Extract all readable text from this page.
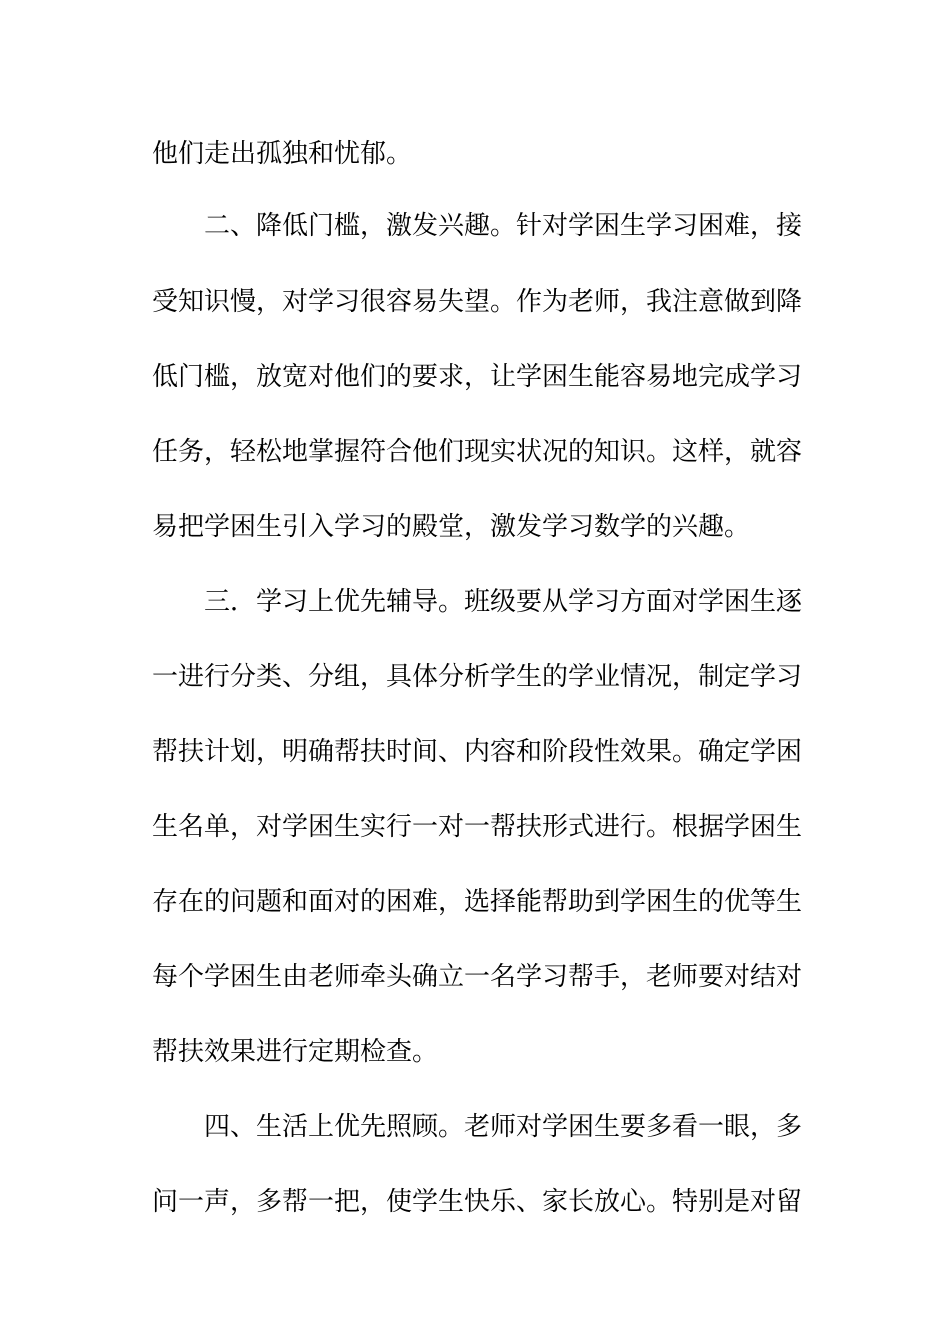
他们走出孤独和忧郁。
二、降低门槛，激发兴趣。针对学困生学习困难，接
受知识慢，对学习很容易失望。作为老师，我注意做到降
低门槛，放宽对他们的要求，让学困生能容易地完成学习
任务，轻松地掌握符合他们现实状况的知识。这样，就容
易把学困生引入学习的殿堂，激发学习数学的兴趣。
三．学习上优先辅导。班级要从学习方面对学困生逐
一进行分类、分组，具体分析学生的学业情况，制定学习
帮扶计划，明确帮扶时间、内容和阶段性效果。确定学困
生名单，对学困生实行一对一帮扶形式进行。根据学困生
存在的问题和面对的困难，选择能帮助到学困生的优等生
每个学困生由老师牵头确立一名学习帮手，老师要对结对
帮扶效果进行定期检查。
四、生活上优先照顾。老师对学困生要多看一眼，多
问一声，多帮一把，使学生快乐、家长放心。特别是对留
